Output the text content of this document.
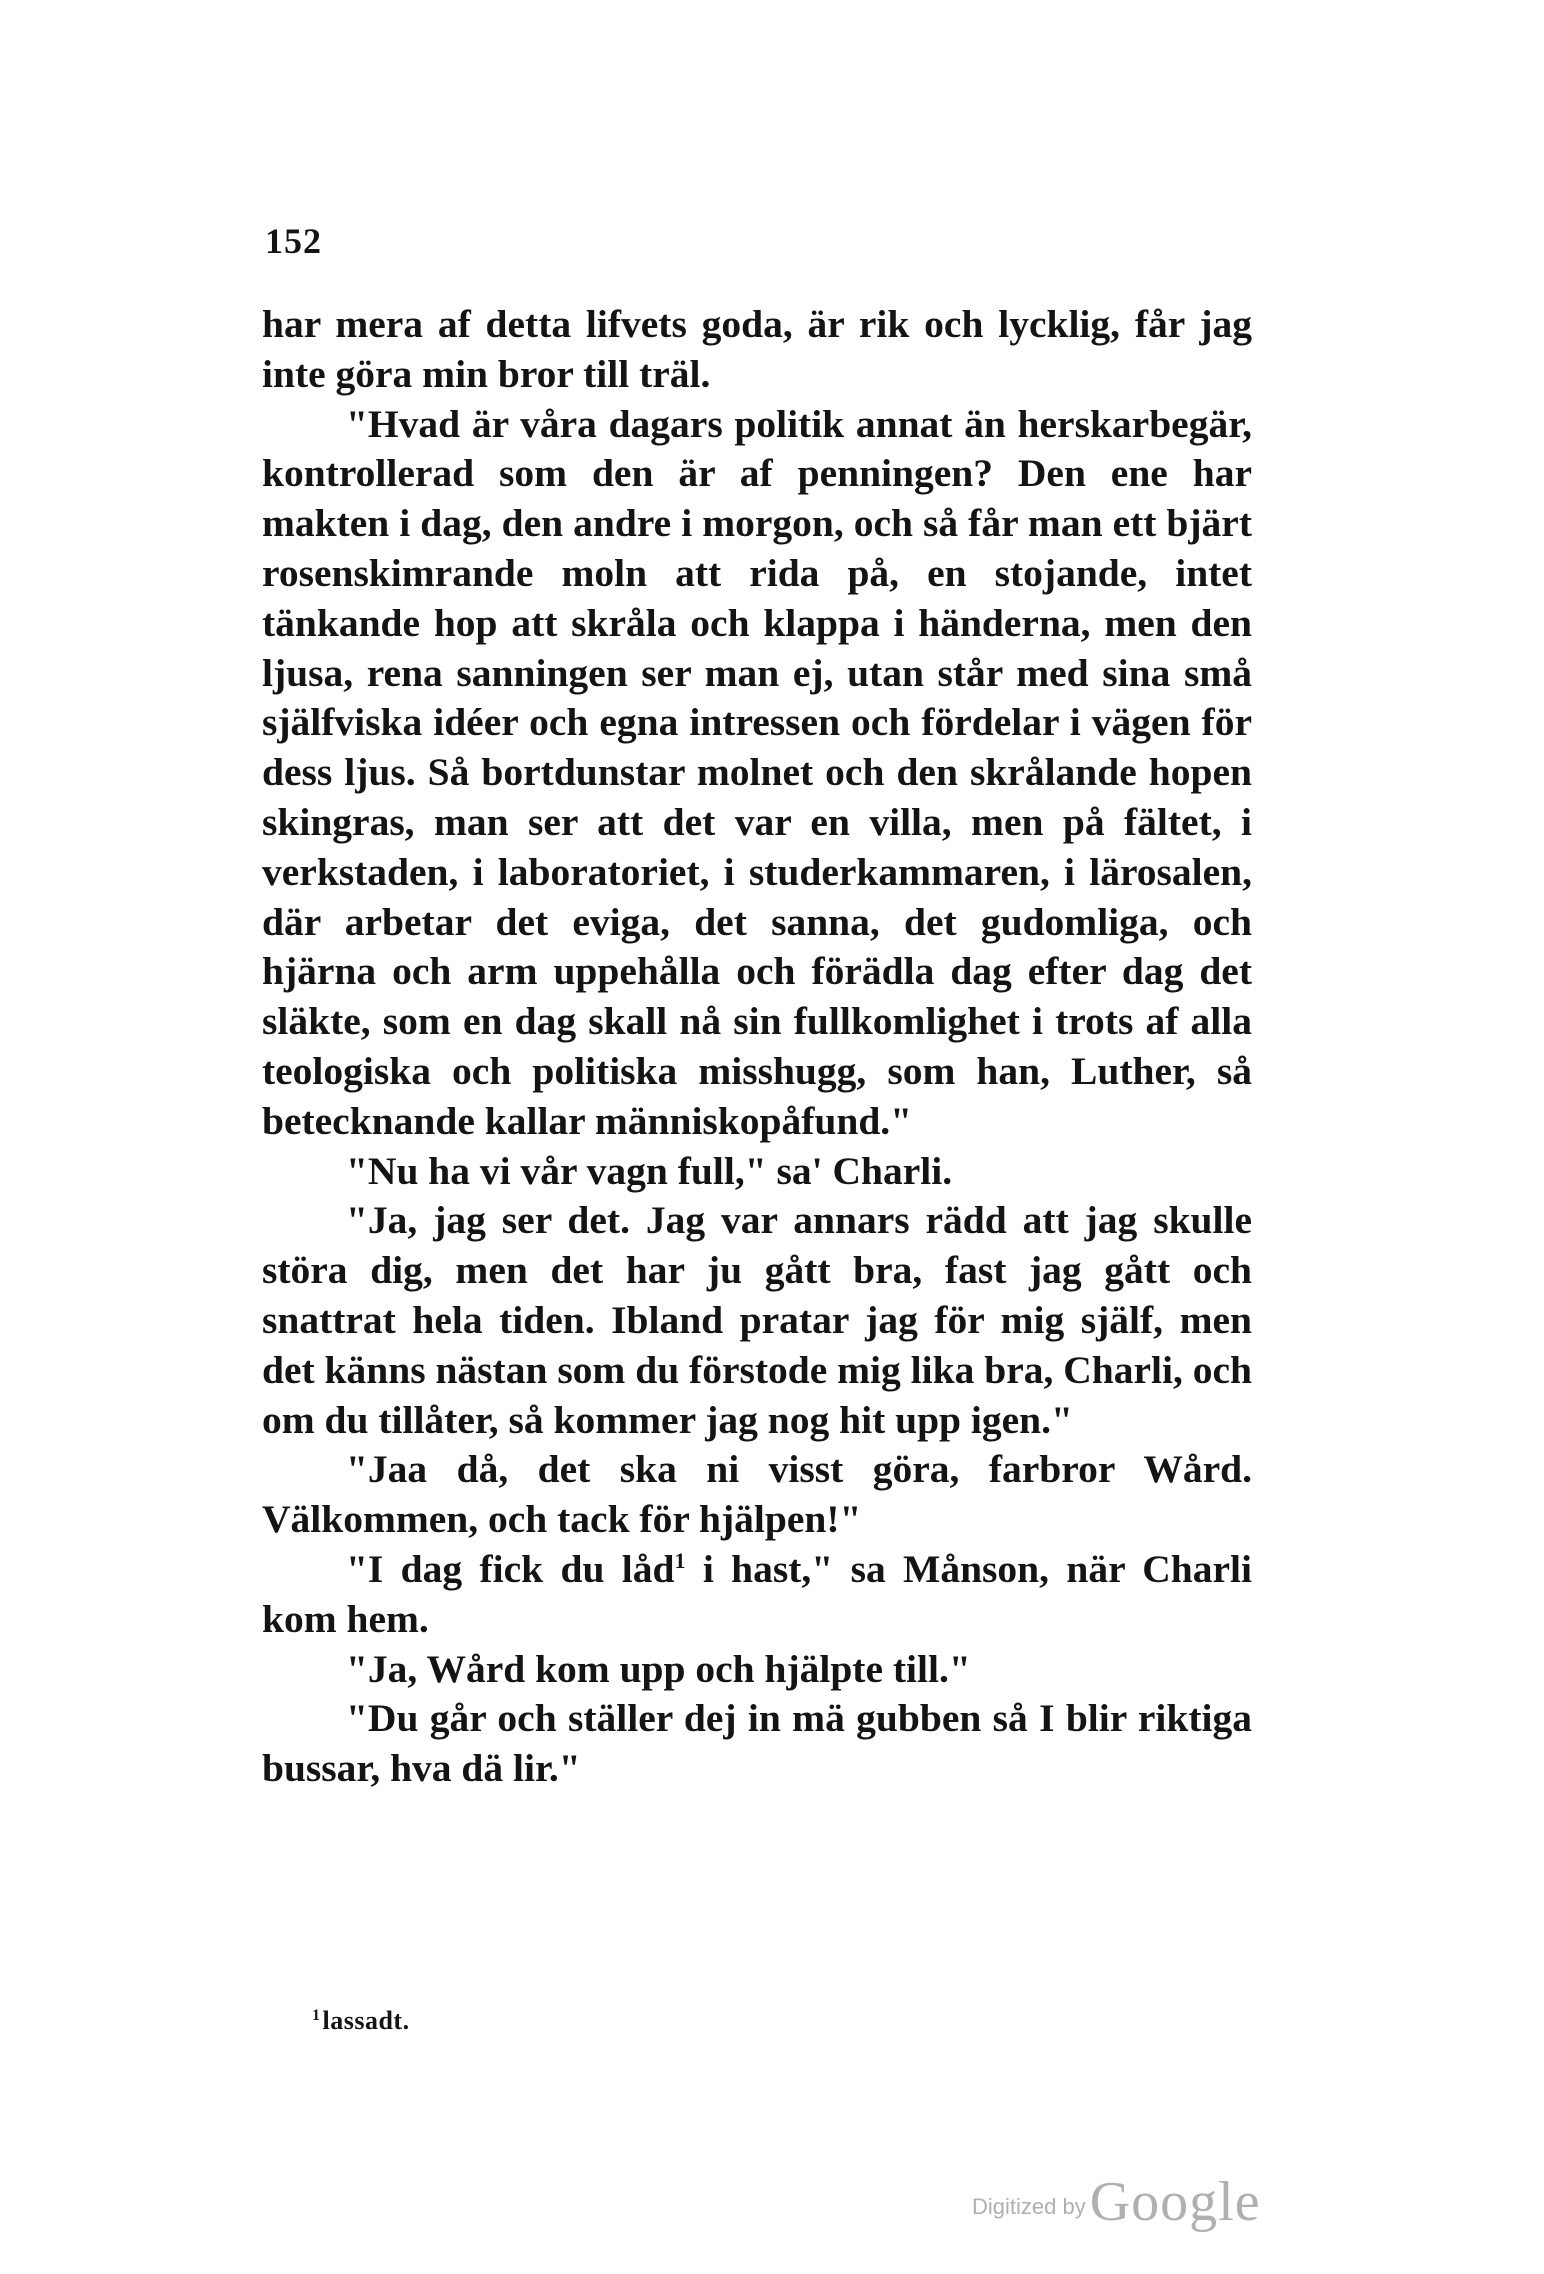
152

har mera af detta lifvets goda, är rik och lycklig, får jag inte göra min bror till träl.

"Hvad är våra dagars politik annat än herskarbegär, kontrollerad som den är af penningen? Den ene har makten i dag, den andre i morgon, och så får man ett bjärt rosenskimrande moln att rida på, en stojande, intet tänkande hop att skråla och klappa i händerna, men den ljusa, rena sanningen ser man ej, utan står med sina små själfviska idéer och egna intressen och fördelar i vägen för dess ljus. Så bortdunstar molnet och den skrålande hopen skingras, man ser att det var en villa, men på fältet, i verkstaden, i laboratoriet, i studerkammaren, i lärosalen, där arbetar det eviga, det sanna, det gudomliga, och hjärna och arm uppehålla och förädla dag efter dag det släkte, som en dag skall nå sin fullkomlighet i trots af alla teologiska och politiska misshugg, som han, Luther, så betecknande kallar människopåfund."

"Nu ha vi vår vagn full," sa' Charli.

"Ja, jag ser det. Jag var annars rädd att jag skulle störa dig, men det har ju gått bra, fast jag gått och snattrat hela tiden. Ibland pratar jag för mig själf, men det känns nästan som du förstode mig lika bra, Charli, och om du tillåter, så kommer jag nog hit upp igen."

"Jaa då, det ska ni visst göra, farbror Wård. Välkommen, och tack för hjälpen!"

"I dag fick du låd$^1$ i hast," sa Månson, när Charli kom hem.

"Ja, Wård kom upp och hjälpte till."

"Du går och ställer dej in mä gubben så I blir riktiga bussar, hva dä lir."

$^1$lassadt.
Digitized byGoogle
